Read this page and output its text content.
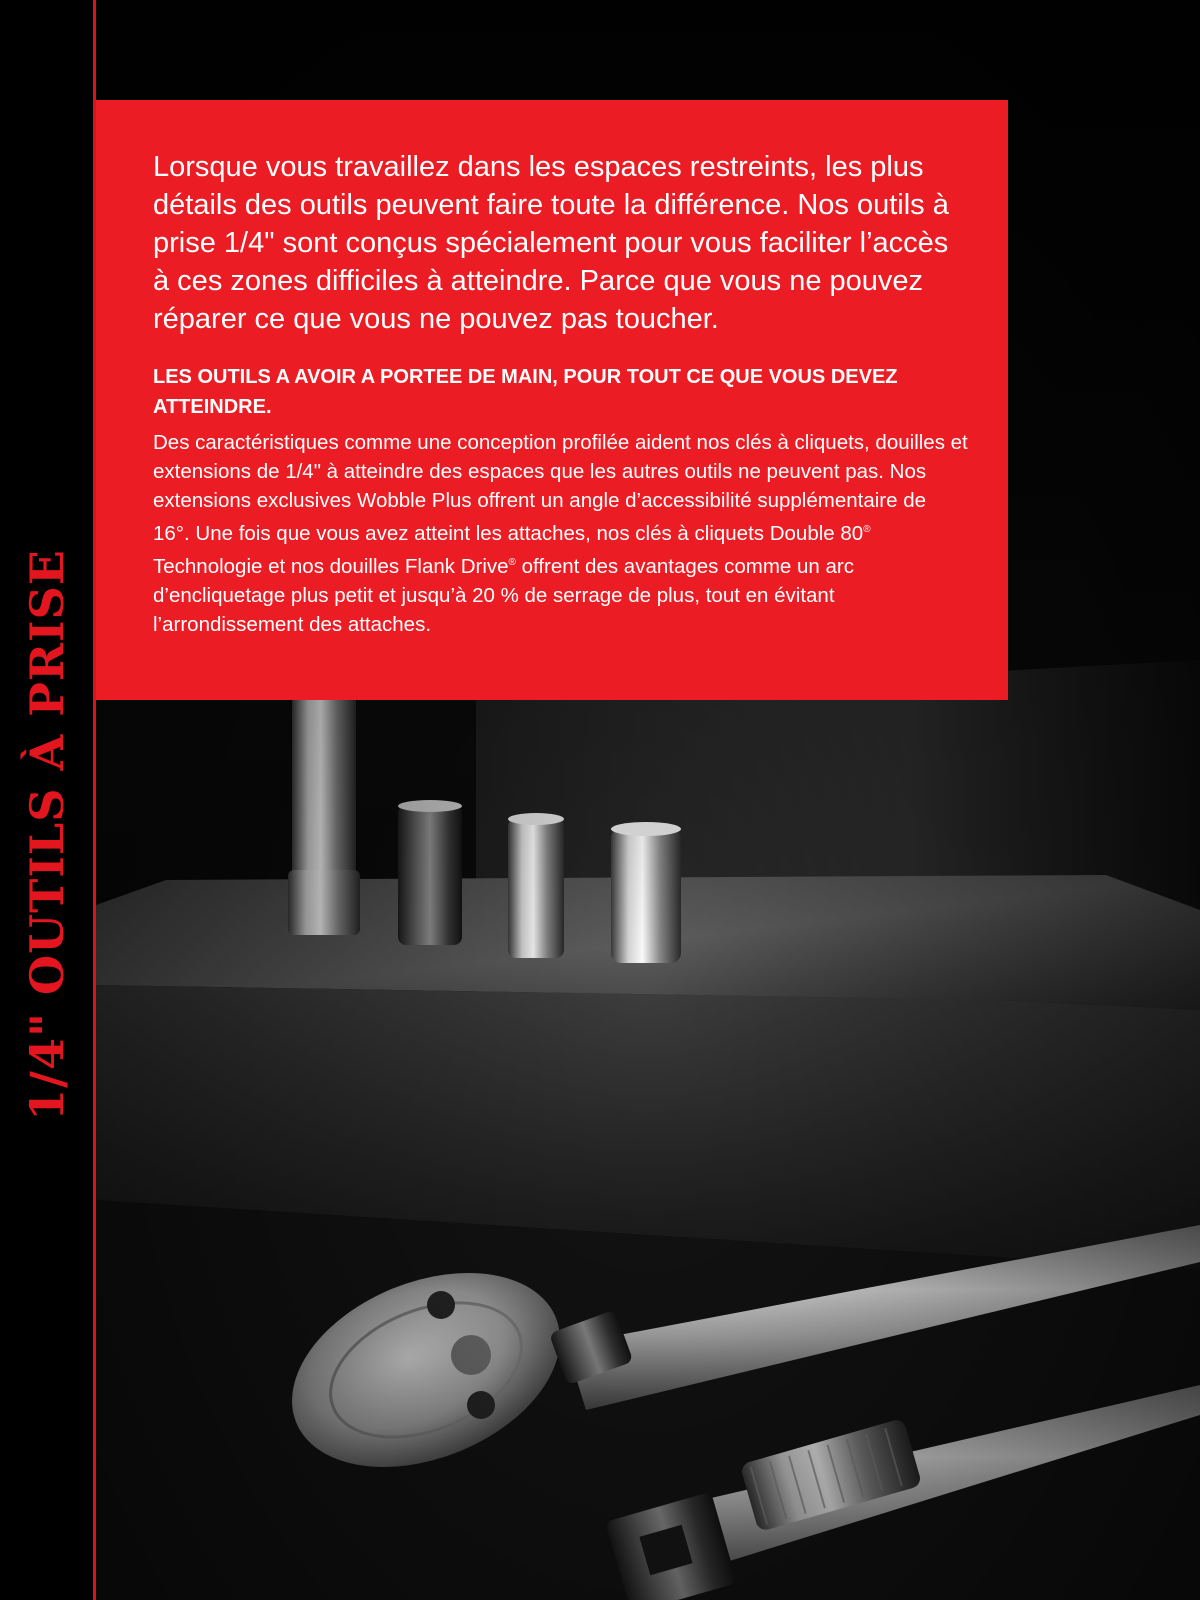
1/4" OUTILS À PRISE

Lorsque vous travaillez dans les espaces restreints, les plus détails des outils peuvent faire toute la différence. Nos outils à prise 1/4" sont conçus spécialement pour vous faciliter l’accès à ces zones difficiles à atteindre. Parce que vous ne pouvez réparer ce que vous ne pouvez pas toucher.

LES OUTILS A AVOIR A PORTEE DE MAIN, POUR TOUT CE QUE VOUS DEVEZ ATTEINDRE.

Des caractéristiques comme une conception profilée aident nos clés à cliquets, douilles et extensions de 1/4" à atteindre des espaces que les autres outils ne peuvent pas. Nos extensions exclusives Wobble Plus offrent un angle d’accessibilité supplémentaire de 16°. Une fois que vous avez atteint les attaches, nos clés à cliquets Double 80® Technologie et nos douilles Flank Drive® offrent des avantages comme un arc d’encliquetage plus petit et jusqu’à 20 % de serrage de plus, tout en évitant l’arrondissement des attaches.
